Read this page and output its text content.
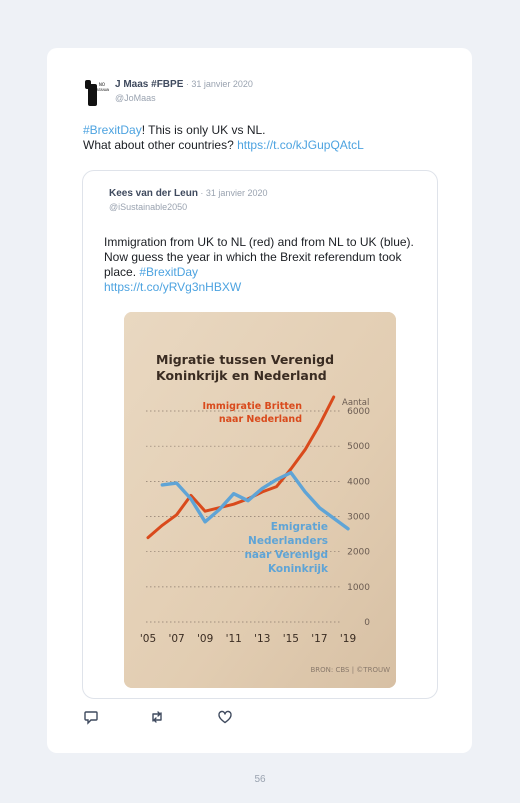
NO
SATANAN J Maas #FBPE · 31 janvier 2020
@JoMaas
#BrexitDay! This is only UK vs NL.
What about other countries? https://t.co/kJGupQAtcL
Kees van der Leun · 31 janvier 2020
@iSustainable2050
Immigration from UK to NL (red) and from NL to UK (blue). Now guess the year in which the Brexit referendum took place. #BrexitDay
https://t.co/yRVg3nHBXW
Migratie tussen Verenigd
Koninkrijk en Nederland
Aantal
Immigratie Britten
naar Nederland
Emigratie
Nederlanders
naar Verenigd
Koninkrijk
BRON: CBS | ©TROUW
0
1000
2000
3000
4000
5000
6000
'05 '07 '09 '11 '13 '15 '17 '19
56
